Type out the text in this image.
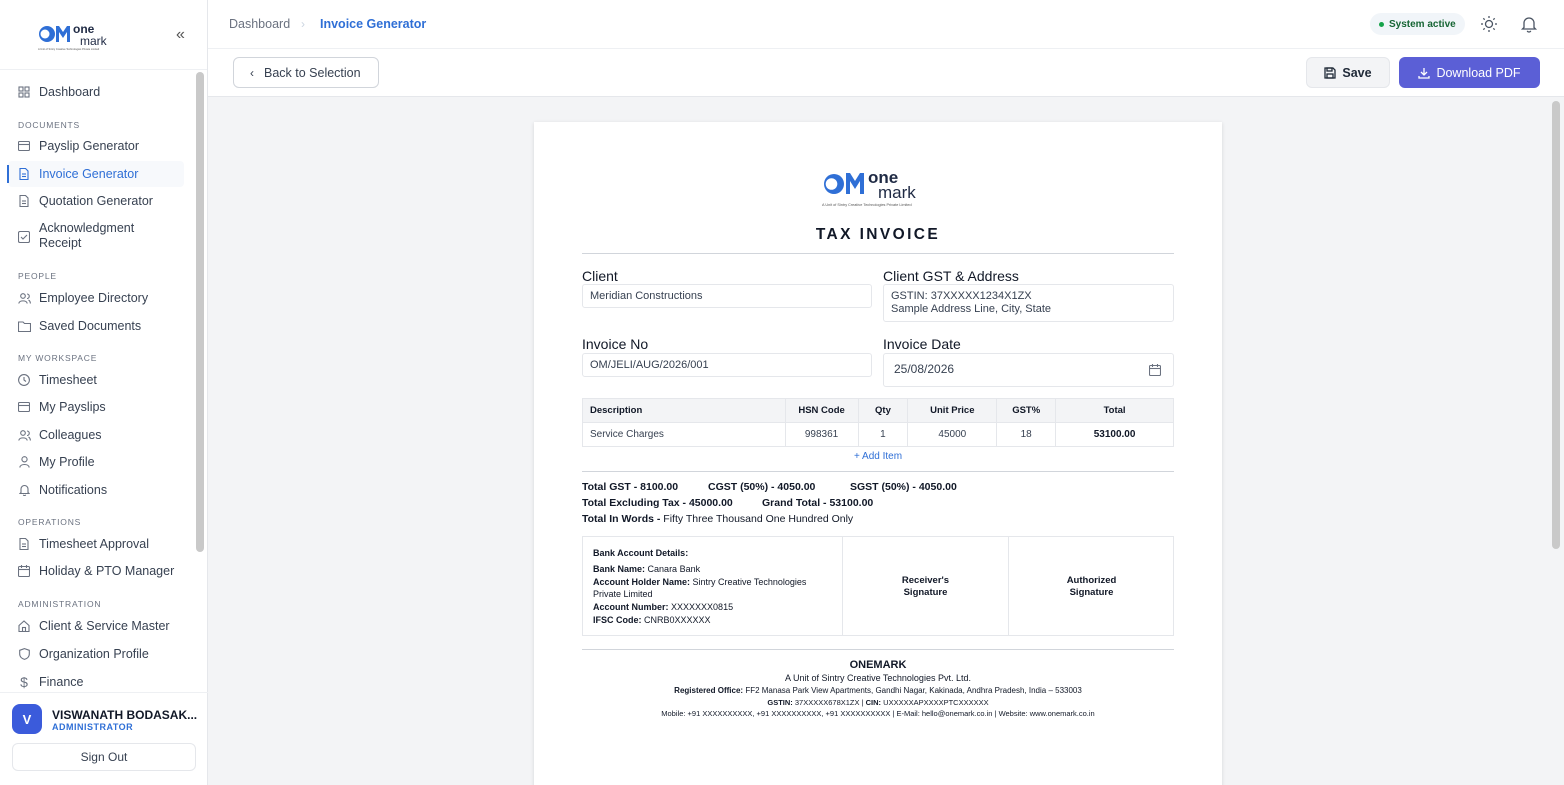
one
mark
A Unit of Sintry Creative Technologies Private Limited
«
Dashboard
DOCUMENTS
Payslip Generator
Invoice Generator
Quotation Generator
Acknowledgment
Receipt
PEOPLE
Employee Directory
Saved Documents
MY WORKSPACE
Timesheet
My Payslips
Colleagues
My Profile
Notifications
OPERATIONS
Timesheet Approval
Holiday & PTO Manager
ADMINISTRATION
Client & Service Master
Organization Profile
$ Finance
V	VISWANATH BODASAK...
ADMINISTRATOR
Sign Out
Dashboard › Invoice Generator	System active
‹ Back to Selection	Save	Download PDF
one
mark
A Unit of Sintry Creative Technologies Private Limited
TAX INVOICE
Client
Meridian Constructions
Client GST & Address
GSTIN: 37XXXXX1234X1ZX
Sample Address Line, City, State
Invoice No
OM/JELI/AUG/2026/001
Invoice Date
25/08/2026
Description	HSN Code	Qty	Unit Price	GST%	Total
Service Charges	998361	1	45000	18	53100.00
+ Add Item
Total GST - 8100.00	CGST (50%) - 4050.00	SGST (50%) - 4050.00
Total Excluding Tax - 45000.00	Grand Total - 53100.00
Total In Words - Fifty Three Thousand One Hundred Only
Bank Account Details:
Bank Name: Canara Bank
Account Holder Name: Sintry Creative Technologies
Private Limited
Account Number: XXXXXXX0815
IFSC Code: CNRB0XXXXXX
Receiver's
Signature
Authorized
Signature
ONEMARK
A Unit of Sintry Creative Technologies Pvt. Ltd.
Registered Office: FF2 Manasa Park View Apartments, Gandhi Nagar, Kakinada, Andhra Pradesh, India – 533003
GSTIN: 37XXXXX678X1ZX | CIN: UXXXXXAPXXXXPTCXXXXXX
Mobile: +91 XXXXXXXXXX, +91 XXXXXXXXXX, +91 XXXXXXXXXX | E-Mail: hello@onemark.co.in | Website: www.onemark.co.in
